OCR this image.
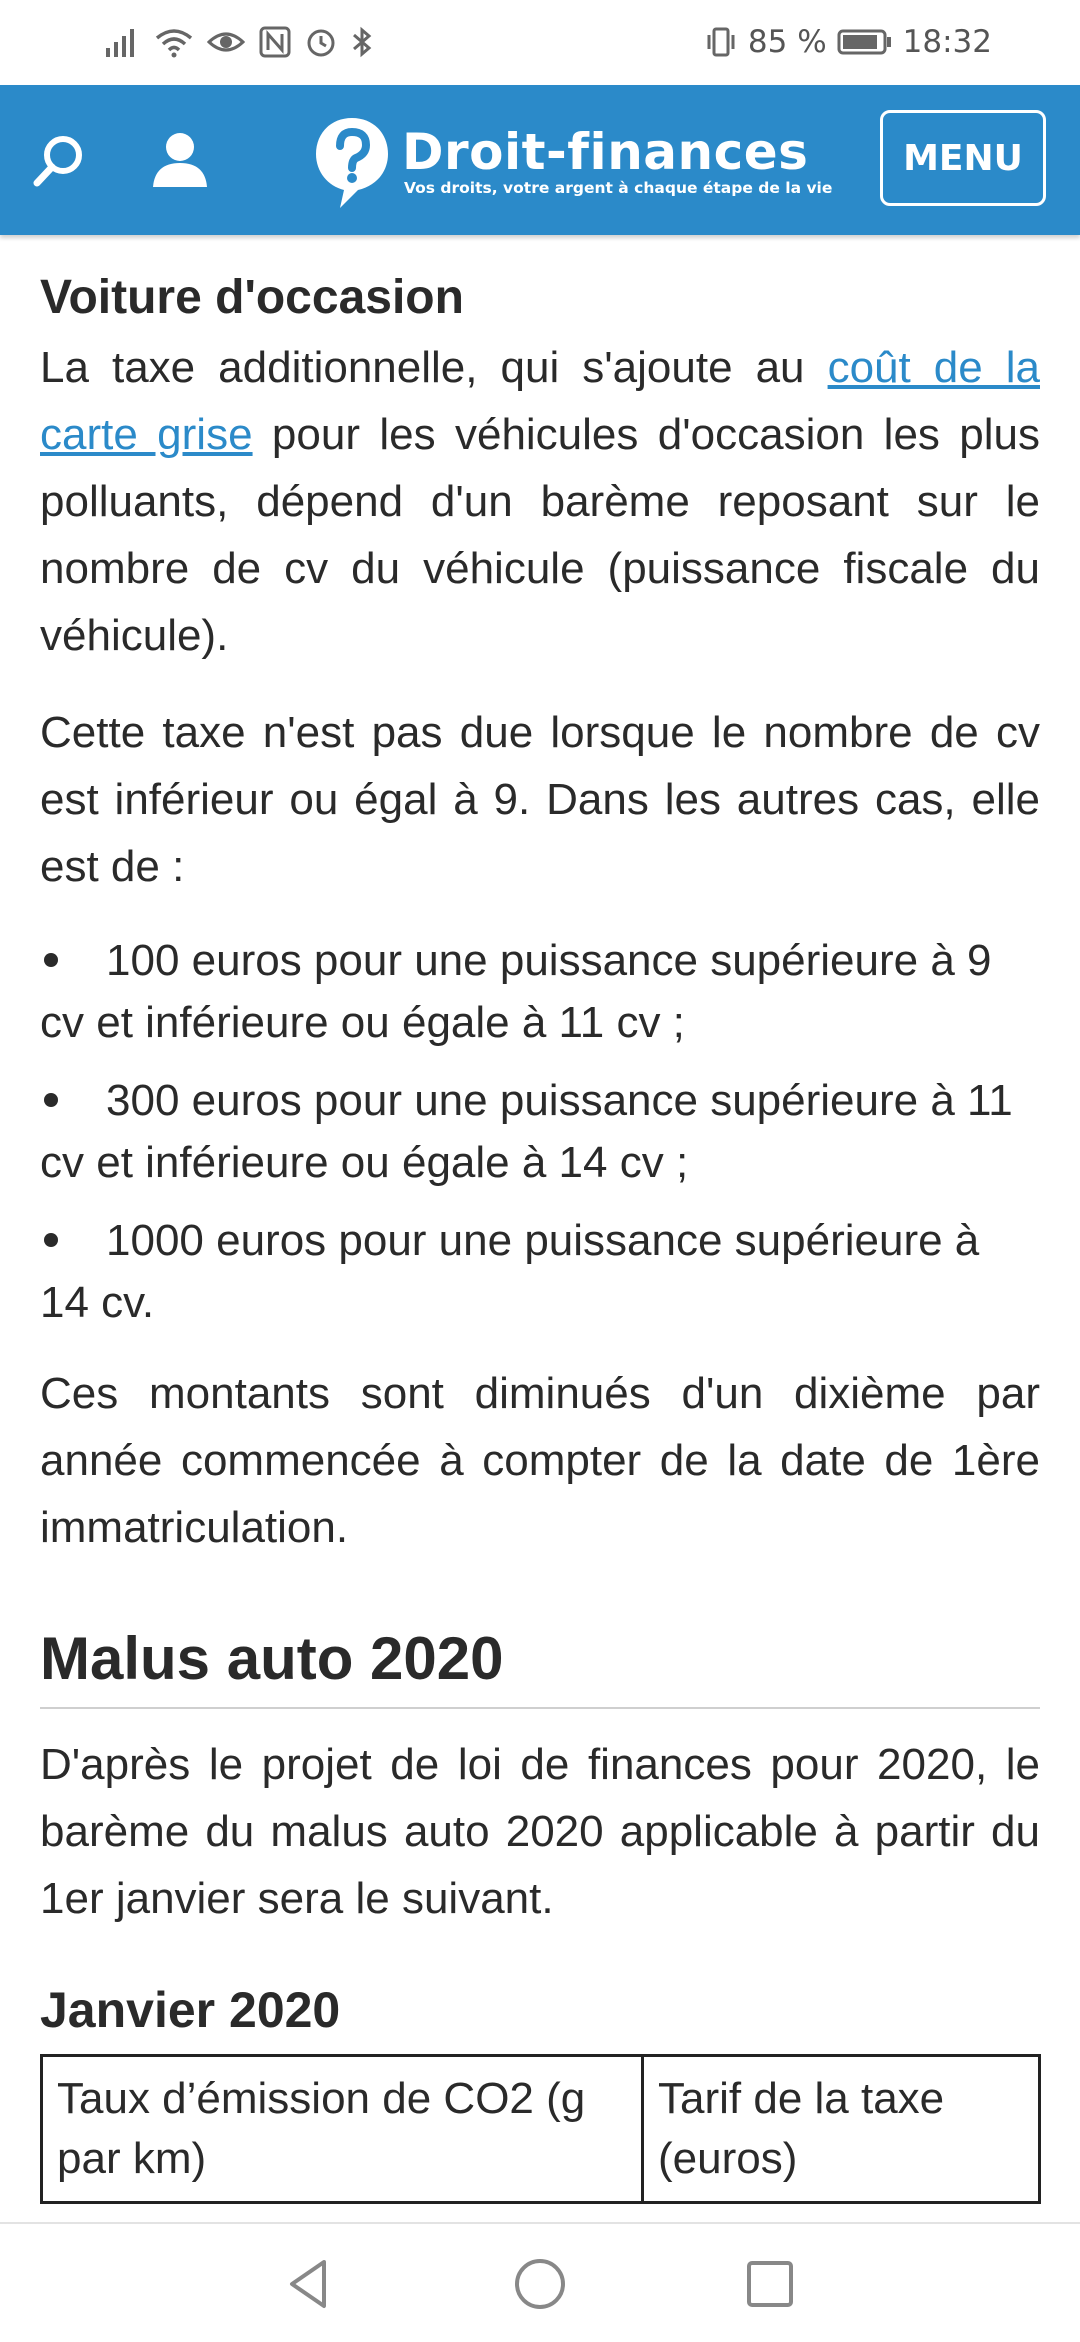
85 % 18:32
Droit-finances
Vos droits, votre argent à chaque étape de la vie
MENU
Voiture d'occasion

La taxe additionnelle, qui s'ajoute au coût de la carte grise pour les véhicules d'occasion les plus polluants, dépend d'un barème reposant sur le nombre de cv du véhicule (puissance fiscale du véhicule).

Cette taxe n'est pas due lorsque le nombre de cv est inférieur ou égal à 9. Dans les autres cas, elle est de :

100 euros pour une puissance supérieure à 9 cv et inférieure ou égale à 11 cv ;
300 euros pour une puissance supérieure à 11 cv et inférieure ou égale à 14 cv ;
1000 euros pour une puissance supérieure à 14 cv.

Ces montants sont diminués d'un dixième par année commencée à compter de la date de 1ère immatriculation.

Malus auto 2020

D'après le projet de loi de finances pour 2020, le barème du malus auto 2020 applicable à partir du 1er janvier sera le suivant.

Janvier 2020
Taux d’émission de CO2 (g par km)	Tarif de la taxe (euros)
